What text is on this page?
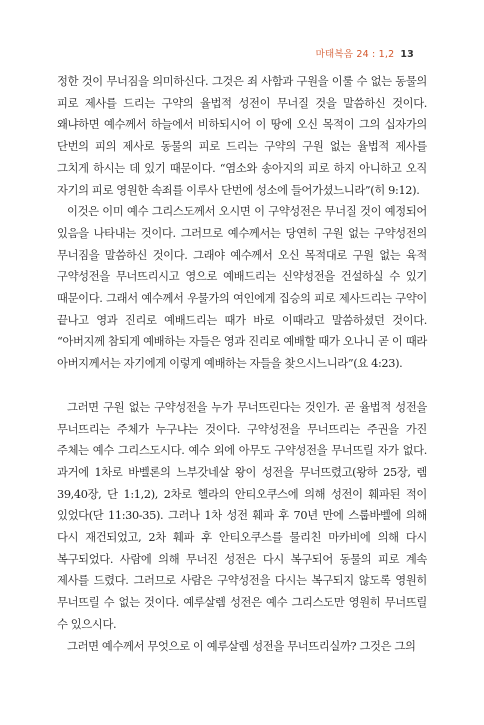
마태복음 24 : 1,2 13

정한 것이 무너짐을 의미하신다. 그것은 죄 사함과 구원을 이룰 수 없는 동물의 피로 제사를 드리는 구약의 율법적 성전이 무너질 것을 말씀하신 것이다. 왜냐하면 예수께서 하늘에서 비하되시어 이 땅에 오신 목적이 그의 십자가의 단번의 피의 제사로 동물의 피로 드리는 구약의 구원 없는 율법적 제사를 그치게 하시는 데 있기 때문이다. “염소와 송아지의 피로 하지 아니하고 오직 자기의 피로 영원한 속죄를 이루사 단번에 성소에 들어가셨느니라”(히 9:12).

이것은 이미 예수 그리스도께서 오시면 이 구약성전은 무너질 것이 예정되어 있음을 나타내는 것이다. 그러므로 예수께서는 당연히 구원 없는 구약성전의 무너짐을 말씀하신 것이다. 그래야 예수께서 오신 목적대로 구원 없는 육적 구약성전을 무너뜨리시고 영으로 예배드리는 신약성전을 건설하실 수 있기 때문이다. 그래서 예수께서 우물가의 여인에게 집승의 피로 제사드리는 구약이 끝나고 영과 진리로 예배드리는 때가 바로 이때라고 말씀하셨던 것이다. “아버지께 참되게 예배하는 자들은 영과 진리로 예배할 때가 오나니 곧 이 때라 아버지께서는 자기에게 이렇게 예배하는 자들을 찾으시느니라”(요 4:23).

그러면 구원 없는 구약성전을 누가 무너뜨린다는 것인가. 곧 율법적 성전을 무너뜨리는 주체가 누구냐는 것이다. 구약성전을 무너뜨리는 주권을 가진 주체는 예수 그리스도시다. 예수 외에 아무도 구약성전을 무너뜨릴 자가 없다. 과거에 1차로 바벨론의 느부갓네살 왕이 성전을 무너뜨렸고(왕하 25장, 렘 39,40장, 단 1:1,2), 2차로 헬라의 안티오쿠스에 의해 성전이 훼파된 적이 있었다(단 11:30-35). 그러나 1차 성전 훼파 후 70년 만에 스룹바벨에 의해 다시 재건되었고, 2차 훼파 후 안티오쿠스를 물리친 마카비에 의해 다시 복구되었다. 사람에 의해 무너진 성전은 다시 복구되어 동물의 피로 계속 제사를 드렸다. 그러므로 사람은 구약성전을 다시는 복구되지 않도록 영원히 무너뜨릴 수 없는 것이다. 예루살렘 성전은 예수 그리스도만 영원히 무너뜨릴 수 있으시다.

그러면 예수께서 무엇으로 이 예루살렘 성전을 무너뜨리실까? 그것은 그의
